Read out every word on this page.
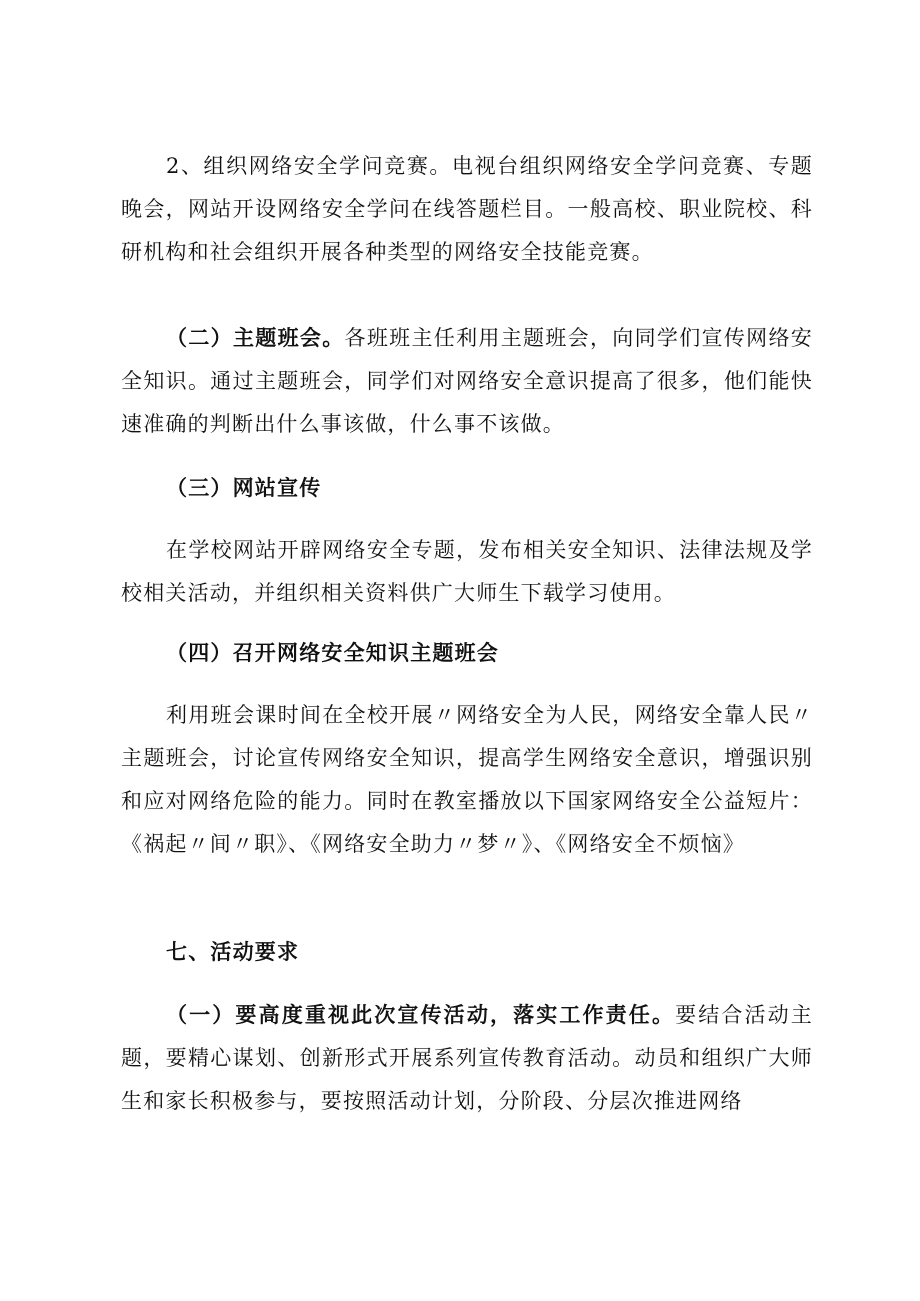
2、组织网络安全学问竞赛。电视台组织网络安全学问竞赛、专题晚会，网站开设网络安全学问在线答题栏目。一般高校、职业院校、科研机构和社会组织开展各种类型的网络安全技能竞赛。

（二）主题班会。各班班主任利用主题班会，向同学们宣传网络安全知识。通过主题班会，同学们对网络安全意识提高了很多，他们能快速准确的判断出什么事该做，什么事不该做。

（三）网站宣传

在学校网站开辟网络安全专题，发布相关安全知识、法律法规及学校相关活动，并组织相关资料供广大师生下载学习使用。

（四）召开网络安全知识主题班会

利用班会课时间在全校开展〃网络安全为人民，网络安全靠人民〃主题班会，讨论宣传网络安全知识，提高学生网络安全意识，增强识别和应对网络危险的能力。同时在教室播放以下国家网络安全公益短片：《祸起〃间〃职》、《网络安全助力〃梦〃》、《网络安全不烦恼》

七、活动要求

（一）要高度重视此次宣传活动，落实工作责任。要结合活动主题，要精心谋划、创新形式开展系列宣传教育活动。动员和组织广大师生和家长积极参与，要按照活动计划，分阶段、分层次推进网络
